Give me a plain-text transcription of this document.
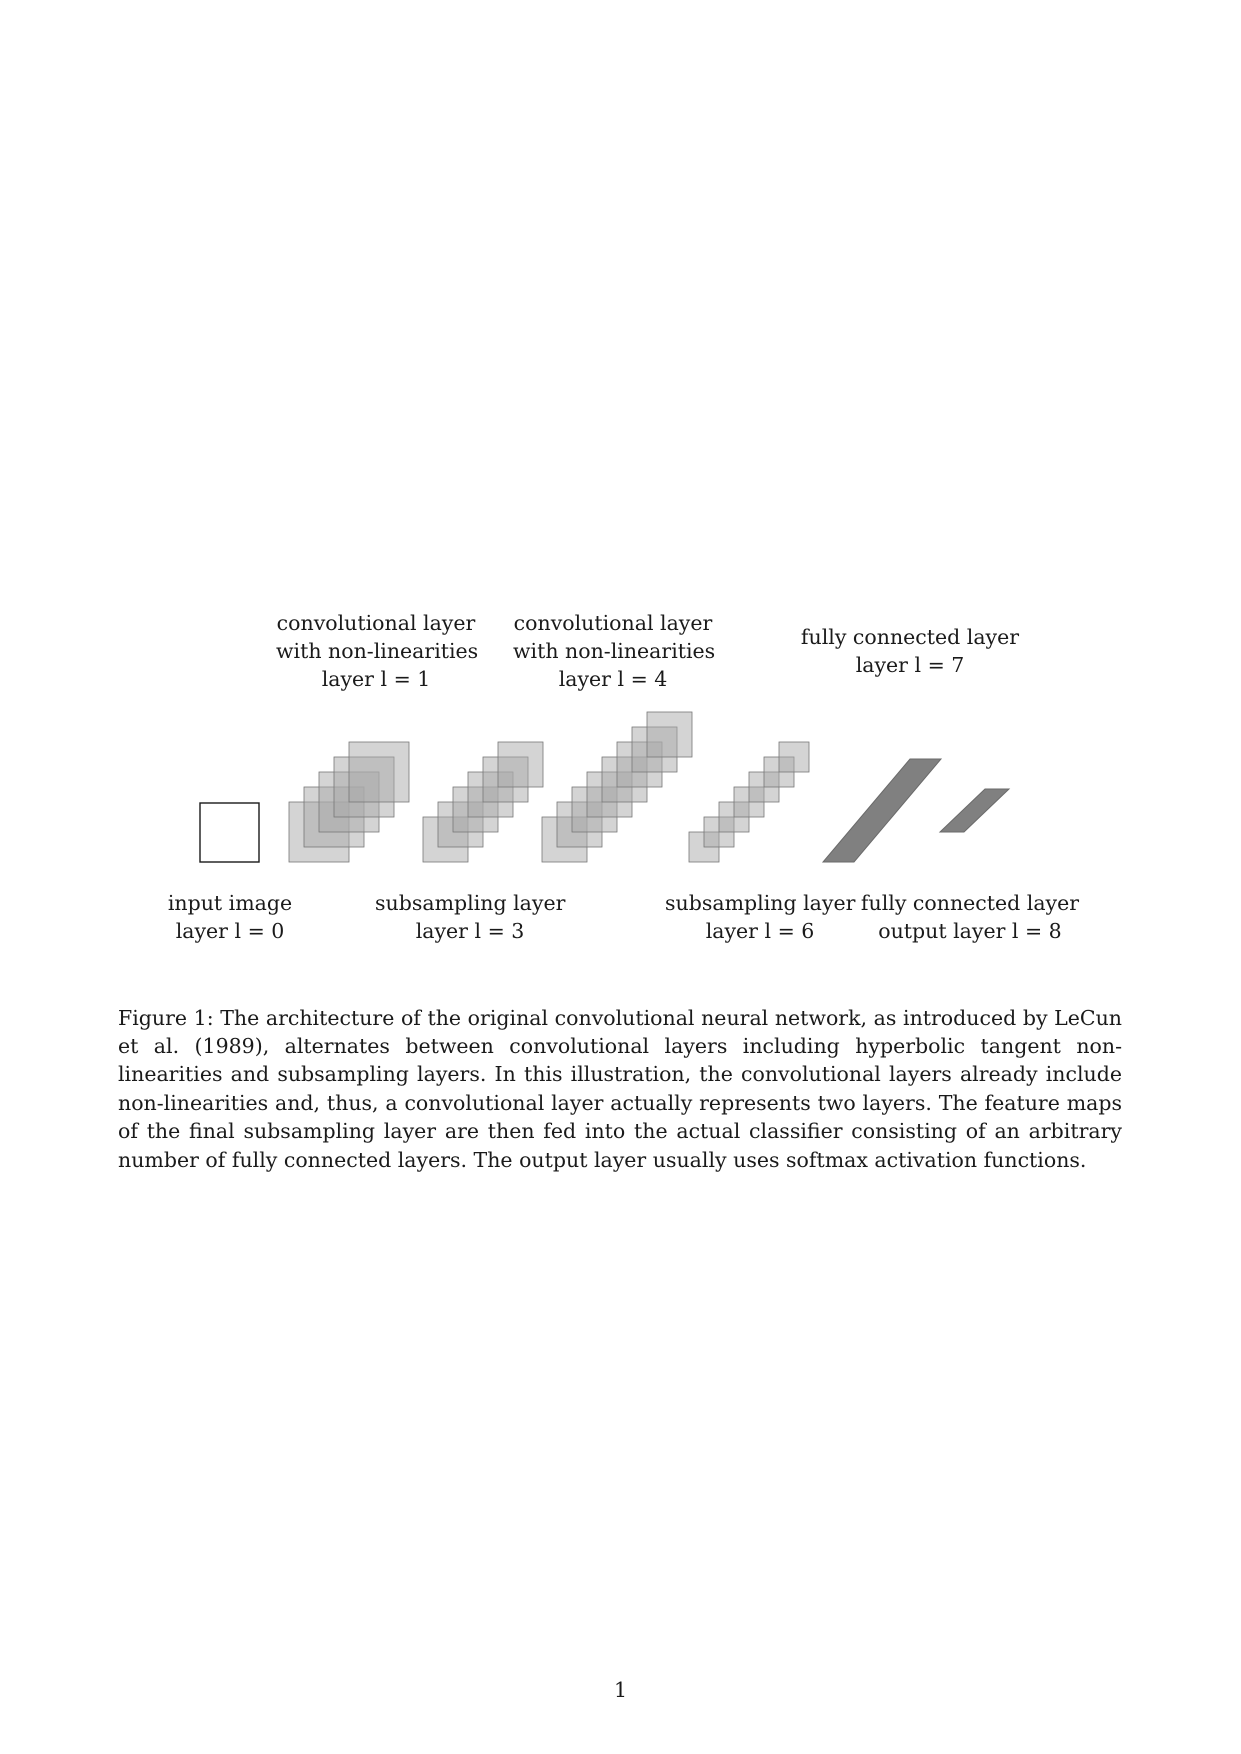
convolutional layer
with non-linearities
layer l = 1
convolutional layer
with non-linearities
layer l = 4
fully connected layer
layer l = 7
input image
layer l = 0
subsampling layer
layer l = 3
subsampling layer
layer l = 6
fully connected layer
output layer l = 8

Figure 1: The architecture of the original convolutional neural network, as introduced by LeCun et al. (1989), alternates between convolutional layers including hyperbolic tangent non-linearities and subsampling layers. In this illustration, the convolutional layers already include non-linearities and, thus, a convolutional layer actually represents two layers. The feature maps of the final subsampling layer are then fed into the actual classifier consisting of an arbitrary number of fully connected layers. The output layer usually uses softmax activation functions.

1
